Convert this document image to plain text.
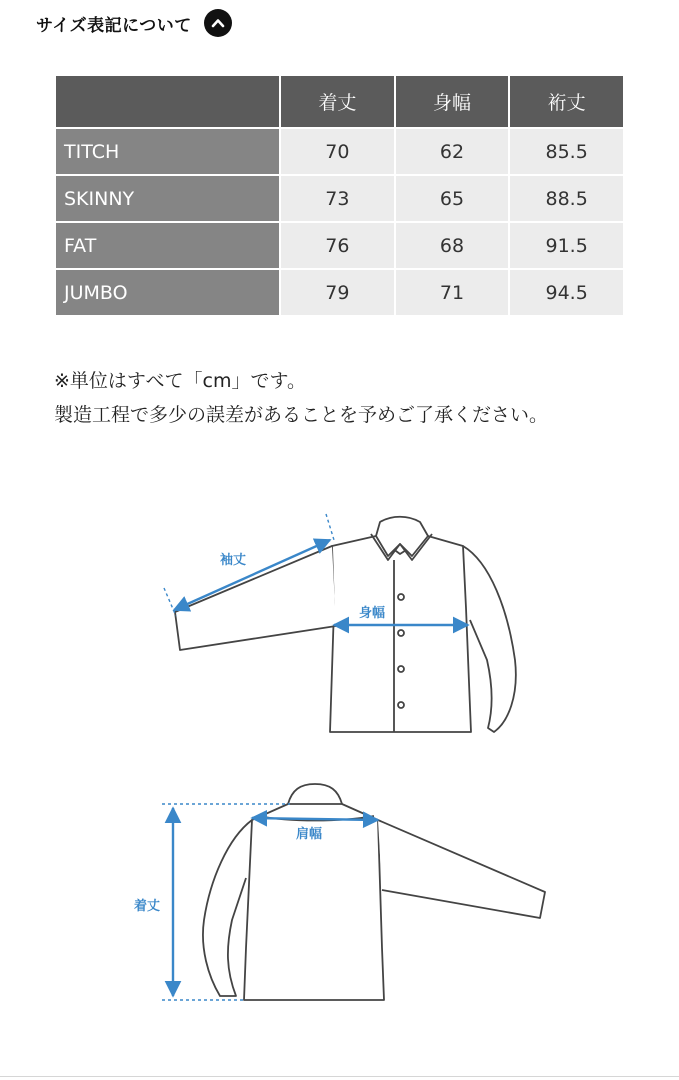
サイズ表記について
	着丈	身幅	裄丈
TITCH	70	62	85.5
SKINNY	73	65	88.5
FAT	76	68	91.5
JUMBO	79	71	94.5

※単位はすべて「cm」です。

製造工程で多少の誤差があることを予めご了承ください。

袖丈
身幅
肩幅
着丈
